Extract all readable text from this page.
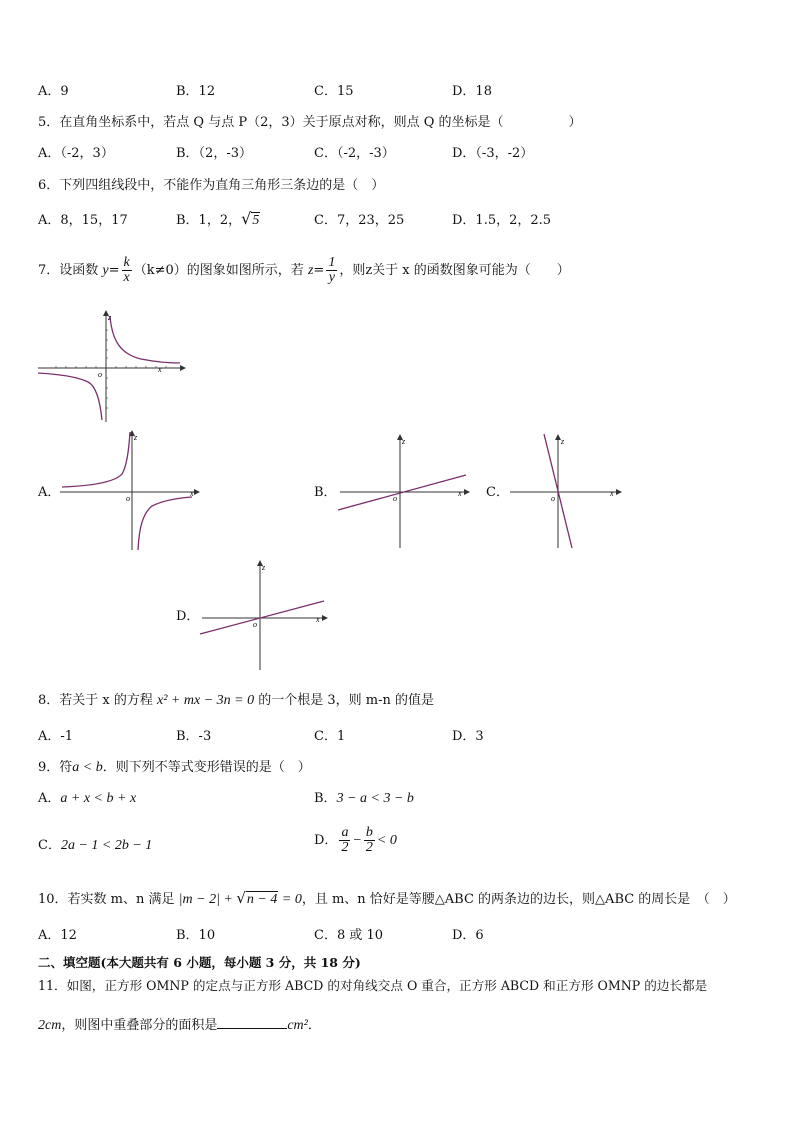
A．9	B．12	C．15	D．18
5．在直角坐标系中，若点 Q 与点 P（2，3）关于原点对称，则点 Q 的坐标是（　　　　　）
A．（-2，3）	B．（2，-3）	C．（-2，-3）	D．（-3，-2）
6．下列四组线段中，不能作为直角三角形三条边的是（　）
A．8，15，17	B．1，2，√5	C．7，23，25	D．1.5，2，2.5
7．设函数 $y= \frac{k}{x} (k\ne 0)$的图象如图所示，若 $z= \frac{1}{y}$ ，则z关于 x 的函数图象可能为（　　）
x
z
o
A．	x
z
o	B．	x
z
o	C．	x
z
o
D．	x
z
o
8．若关于 x 的方程 x² + mx − 3n = 0 的一个根是 3，则 m-n 的值是
A．-1	B．-3	C．1	D．3
9．符a < b．则下列不等式变形错误的是（　）
A．a + x < b + x	B．3 − a < 3 − b
C．2a − 1 < 2b − 1	D． $\frac{a}{2} - \frac{b}{2} < 0$
10．若实数 m、n 满足 |m − 2| + √n − 4 = 0，且 m、n 恰好是等腰△ABC 的两条边的边长，则△ABC 的周长是　（　）
A．12	B．10	C．8 或 10	D．6
二、填空题(本大题共有 6 小题，每小题 3 分，共 18 分)
11．如图，正方形 OMNP 的定点与正方形 ABCD 的对角线交点 O 重合，正方形 ABCD 和正方形 OMNP 的边长都是
2cm，则图中重叠部分的面积是	cm²．
